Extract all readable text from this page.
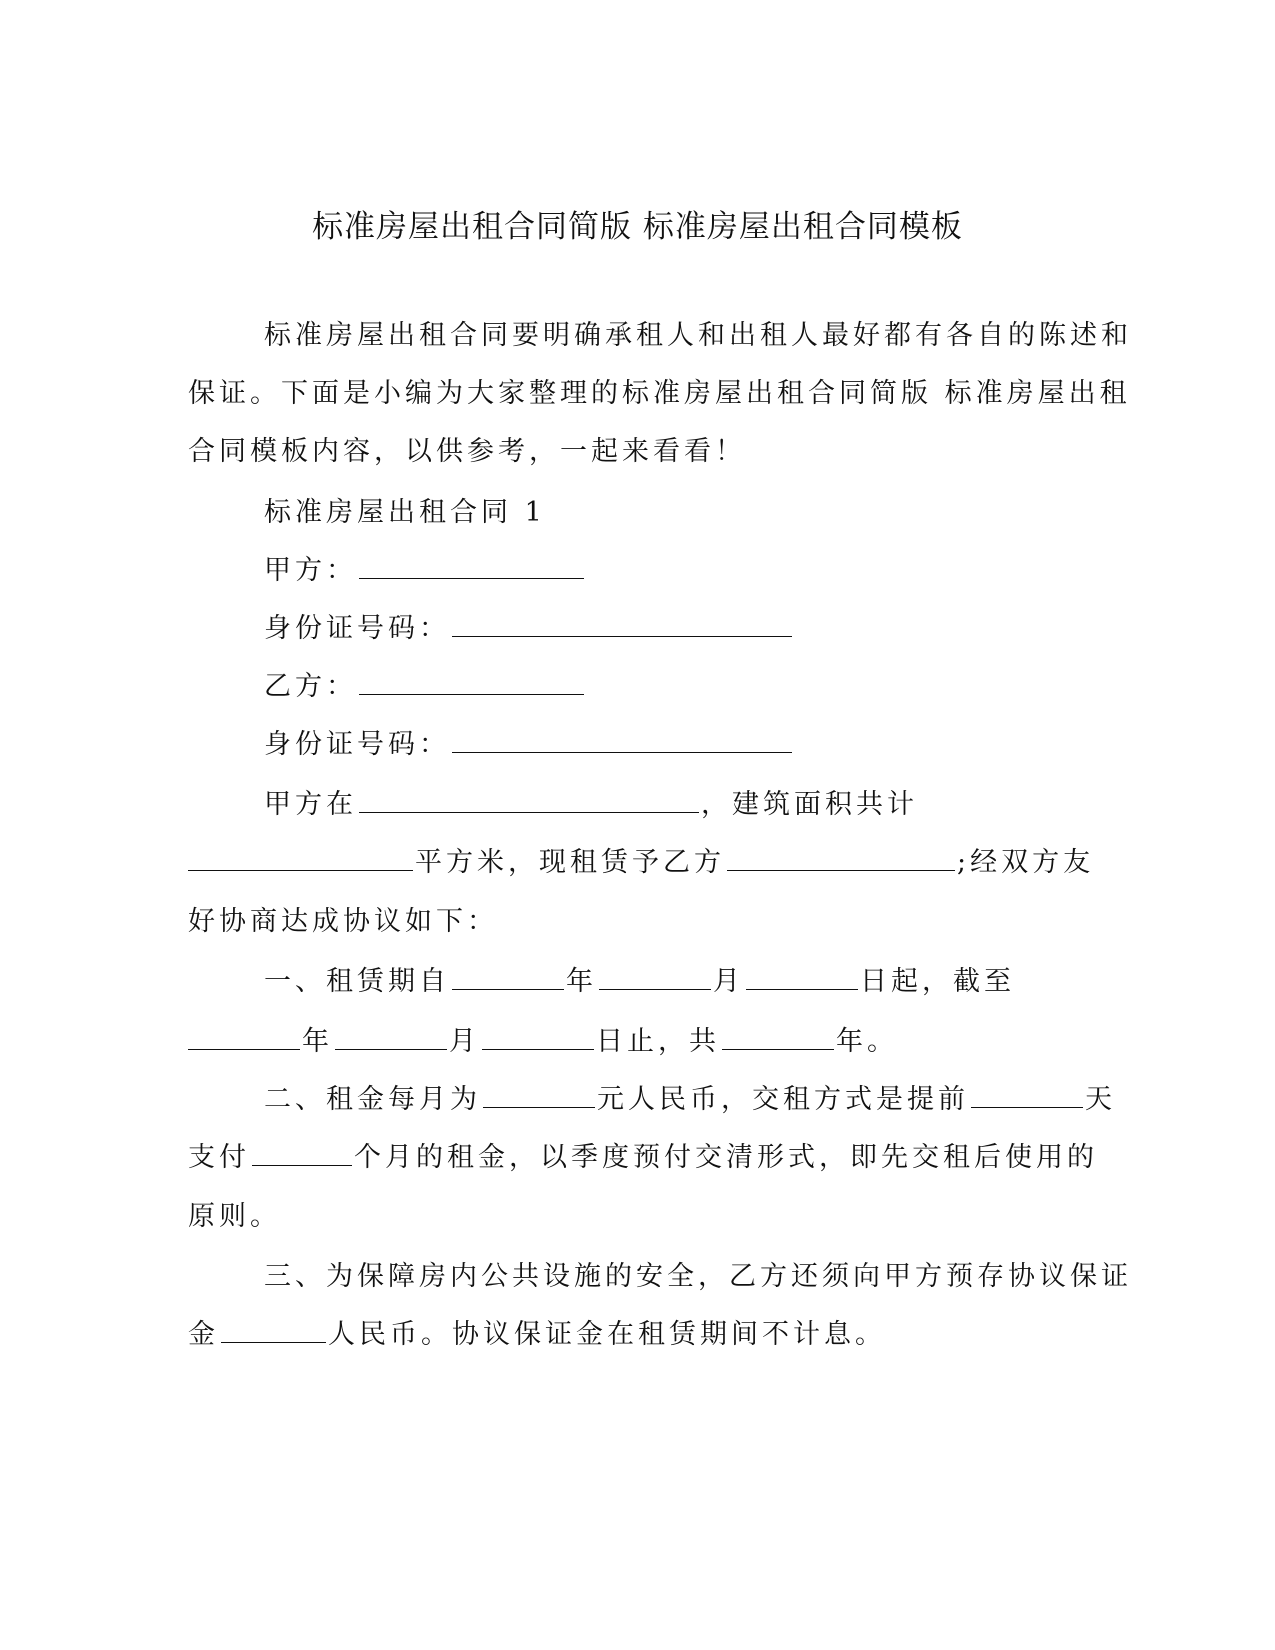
标准房屋出租合同简版 标准房屋出租合同模板
标准房屋出租合同要明确承租人和出租人最好都有各自的陈述和
保证。下面是小编为大家整理的标准房屋出租合同简版 标准房屋出租
合同模板内容，以供参考，一起来看看！
标准房屋出租合同 1
甲方：
身份证号码：
乙方：
身份证号码：
甲方在	，建筑面积共计
平方米，现租赁予乙方	;经双方友
好协商达成协议如下：
一、租赁期自	年	月	日起，截至
年	月	日止，共	年。
二、租金每月为	元人民币，交租方式是提前	天
支付	个月的租金，以季度预付交清形式，即先交租后使用的
原则。
三、为保障房内公共设施的安全，乙方还须向甲方预存协议保证
金	人民币。协议保证金在租赁期间不计息。
